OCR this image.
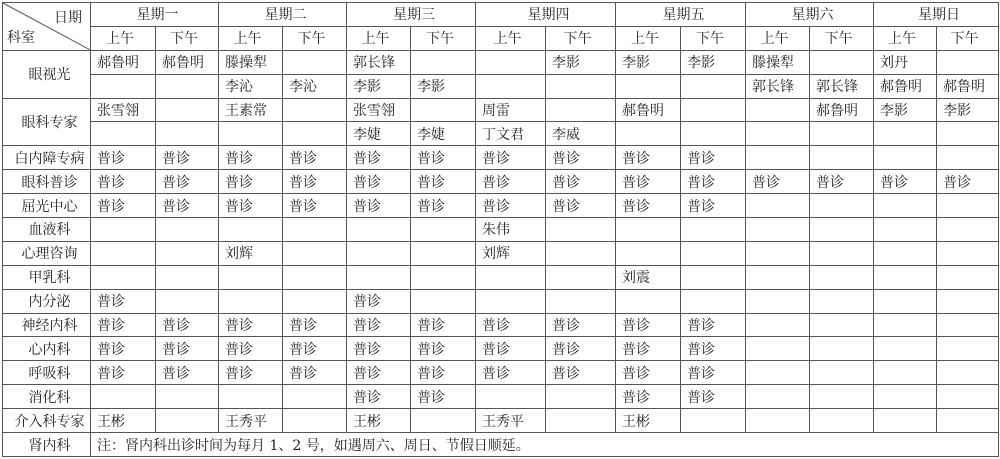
日期
科室	星期一		星期二		星期三		星期四		星期五		星期六		星期日	
	上午	下午	上午	下午	上午	下午	上午	下午	上午	下午	上午	下午	上午	下午
眼视光	郝鲁明	郝鲁明	滕操犁		郭长锋			李影	李影	李影	滕操犁		刘丹	
			李沁	李沁	李影	李影					郭长锋	郭长锋	郝鲁明	郝鲁明
眼科专家	张雪翎		王素常		张雪翎		周雷		郝鲁明			郝鲁明	李影	李影
					李婕	李婕	丁文君	李威						
白内障专病	普诊	普诊	普诊	普诊	普诊	普诊	普诊	普诊	普诊	普诊				
眼科普诊	普诊	普诊	普诊	普诊	普诊	普诊	普诊	普诊	普诊	普诊	普诊	普诊	普诊	普诊
屈光中心	普诊	普诊	普诊	普诊	普诊	普诊	普诊	普诊	普诊	普诊				
血液科							朱伟							
心理咨询			刘辉				刘辉							
甲乳科									刘震					
内分泌	普诊				普诊									
神经内科	普诊	普诊	普诊	普诊	普诊	普诊	普诊	普诊	普诊	普诊				
心内科	普诊	普诊	普诊	普诊	普诊	普诊	普诊	普诊	普诊	普诊				
呼吸科	普诊	普诊	普诊	普诊	普诊	普诊	普诊	普诊	普诊	普诊				
消化科					普诊	普诊			普诊	普诊				
介入科专家	王彬		王秀平		王彬		王秀平		王彬					
肾内科	注：肾内科出诊时间为每月 1、2 号，如遇周六、周日、节假日顺延。													
